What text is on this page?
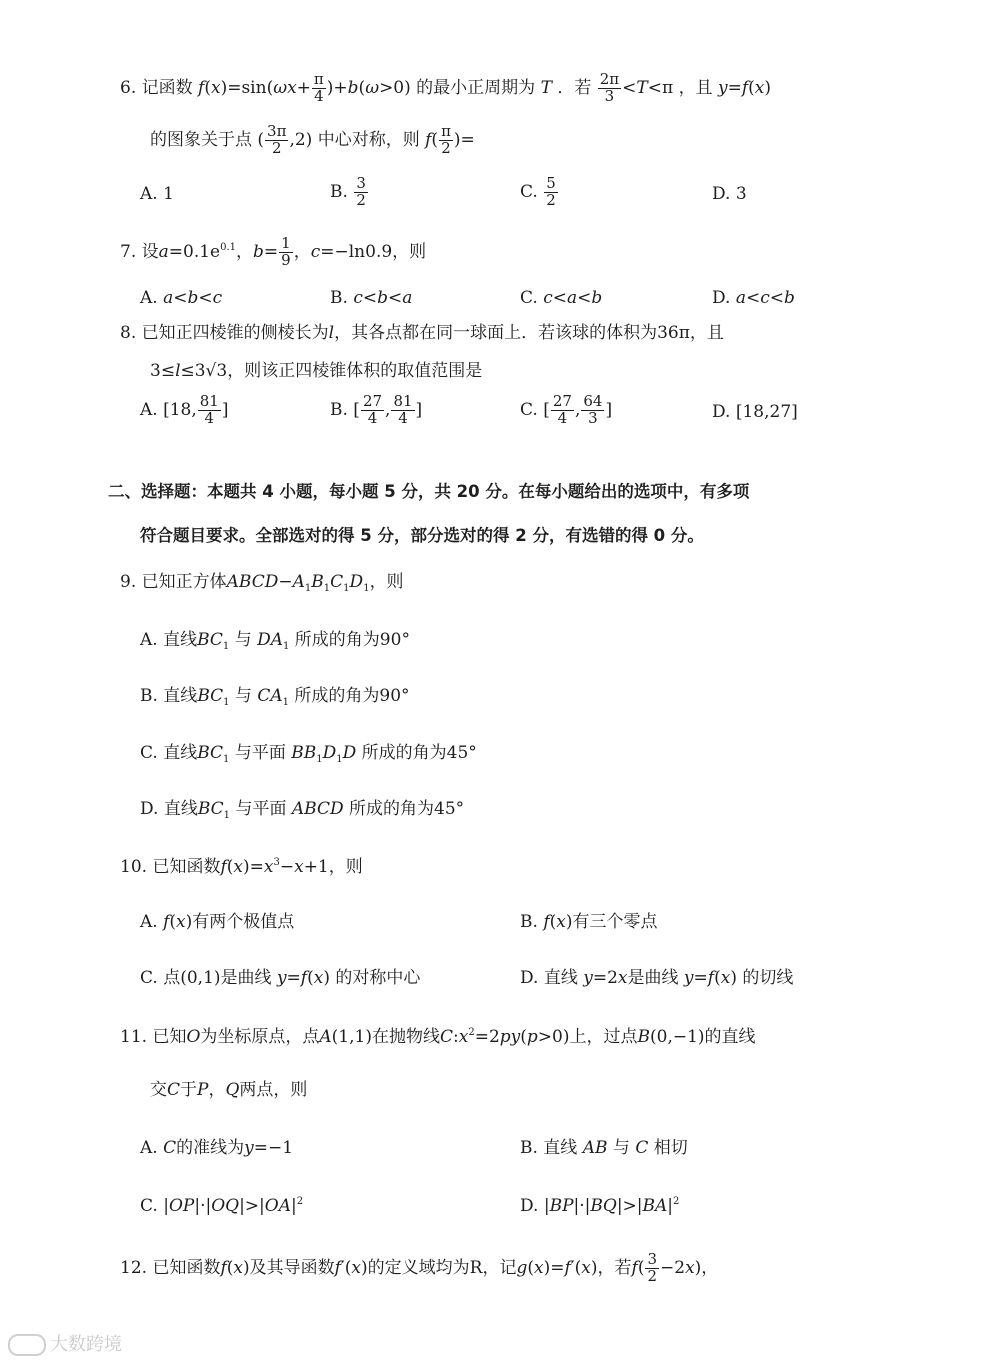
6. 记函数 $f(x)=\sin(\omega x+ \frac{\pi}{4} )+b(\omega>0)$ 的最小正周期为 T ．若 $\frac{2\pi}{3} <T<\pi$ ，且 y=f(x)
的图象关于点 ( $\frac{3\pi}{2} ,2$) 中心对称，则 $f( \frac{\pi}{2}$ )=
A. 1	B. $\frac{3}{2}$	C. $\frac{5}{2}$	D. 3
7. 设$a=0.1e^{0.1}$，$b= \frac{1}{9}$ ，c=−ln0.9，则
A. a<b<c	B. c<b<a	C. c<a<b	D. a<c<b
8. 已知正四棱锥的侧棱长为l，其各点都在同一球面上．若该球的体积为36π，且
3≤l≤3√3，则该正四棱锥体积的取值范围是
A. [18, $\frac{81}{4}$ ]	B. [ $\frac{27}{4}$ , $\frac{81}{4}$ ]	C. [ $\frac{27}{4}$ , $\frac{64}{3}$ ]	D. [18,27]
二、选择题：本题共 4 小题，每小题 5 分，共 20 分。在每小题给出的选项中，有多项
符合题目要求。全部选对的得 5 分，部分选对的得 2 分，有选错的得 0 分。
9. 已知正方体$ABCD-A_1B_1C_1D_1$，则
A. 直线$BC_1$ 与 $DA_1$ 所成的角为90°
B. 直线$BC_1$ 与 $CA_1$ 所成的角为90°
C. 直线$BC_1$ 与平面 $BB_1D_1D$ 所成的角为45°
D. 直线$BC_1$ 与平面 ABCD 所成的角为45°
10. 已知函数$f(x)=x^3-x+1$，则
A. f(x)有两个极值点	B. f(x)有三个零点
C. 点(0,1)是曲线 y=f(x) 的对称中心	D. 直线 y=2x是曲线 y=f(x) 的切线
11. 已知O为坐标原点，点A(1,1)在抛物线$C:x^2=2py(p>0)$上，过点B(0,−1)的直线
交C于P，Q两点，则
A. C的准线为y=−1	B. 直线 AB 与 C 相切
C. $|OP|\cdot|OQ|>|OA|^2$	D. $|BP|\cdot|BQ|>|BA|^2$
12. 已知函数f(x)及其导函数f′(x)的定义域均为R，记g(x)=f′(x)，若$f( \frac{3}{2} -2x)$，
大数跨境
